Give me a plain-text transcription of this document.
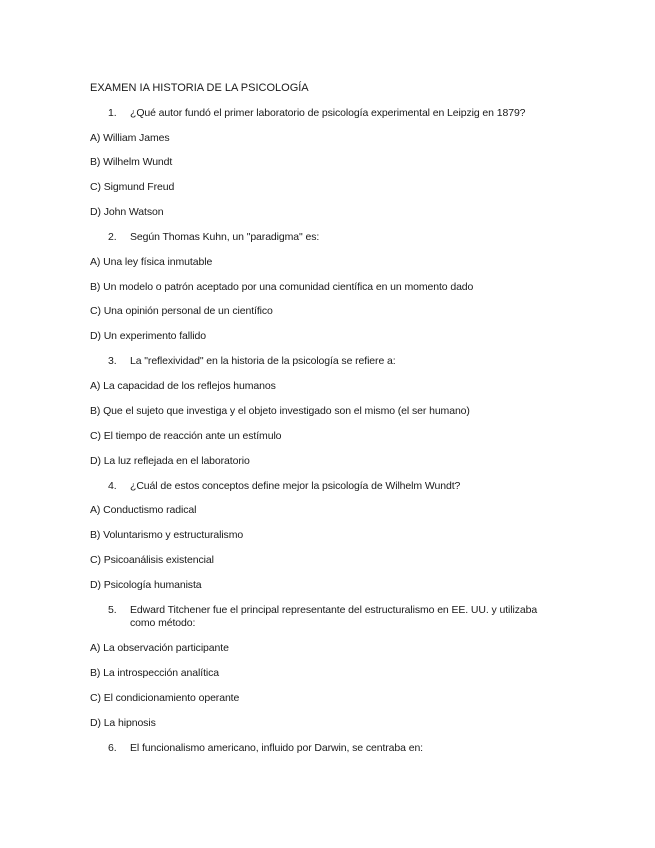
EXAMEN IA HISTORIA DE LA PSICOLOGÍA
1. ¿Qué autor fundó el primer laboratorio de psicología experimental en Leipzig en 1879?
A) William James
B) Wilhelm Wundt
C) Sigmund Freud
D) John Watson
2. Según Thomas Kuhn, un "paradigma" es:
A) Una ley física inmutable
B) Un modelo o patrón aceptado por una comunidad científica en un momento dado
C) Una opinión personal de un científico
D) Un experimento fallido
3. La "reflexividad" en la historia de la psicología se refiere a:
A) La capacidad de los reflejos humanos
B) Que el sujeto que investiga y el objeto investigado son el mismo (el ser humano)
C) El tiempo de reacción ante un estímulo
D) La luz reflejada en el laboratorio
4. ¿Cuál de estos conceptos define mejor la psicología de Wilhelm Wundt?
A) Conductismo radical
B) Voluntarismo y estructuralismo
C) Psicoanálisis existencial
D) Psicología humanista
5. Edward Titchener fue el principal representante del estructuralismo en EE. UU. y utilizaba como método:
A) La observación participante
B) La introspección analítica
C) El condicionamiento operante
D) La hipnosis
6. El funcionalismo americano, influido por Darwin, se centraba en:
